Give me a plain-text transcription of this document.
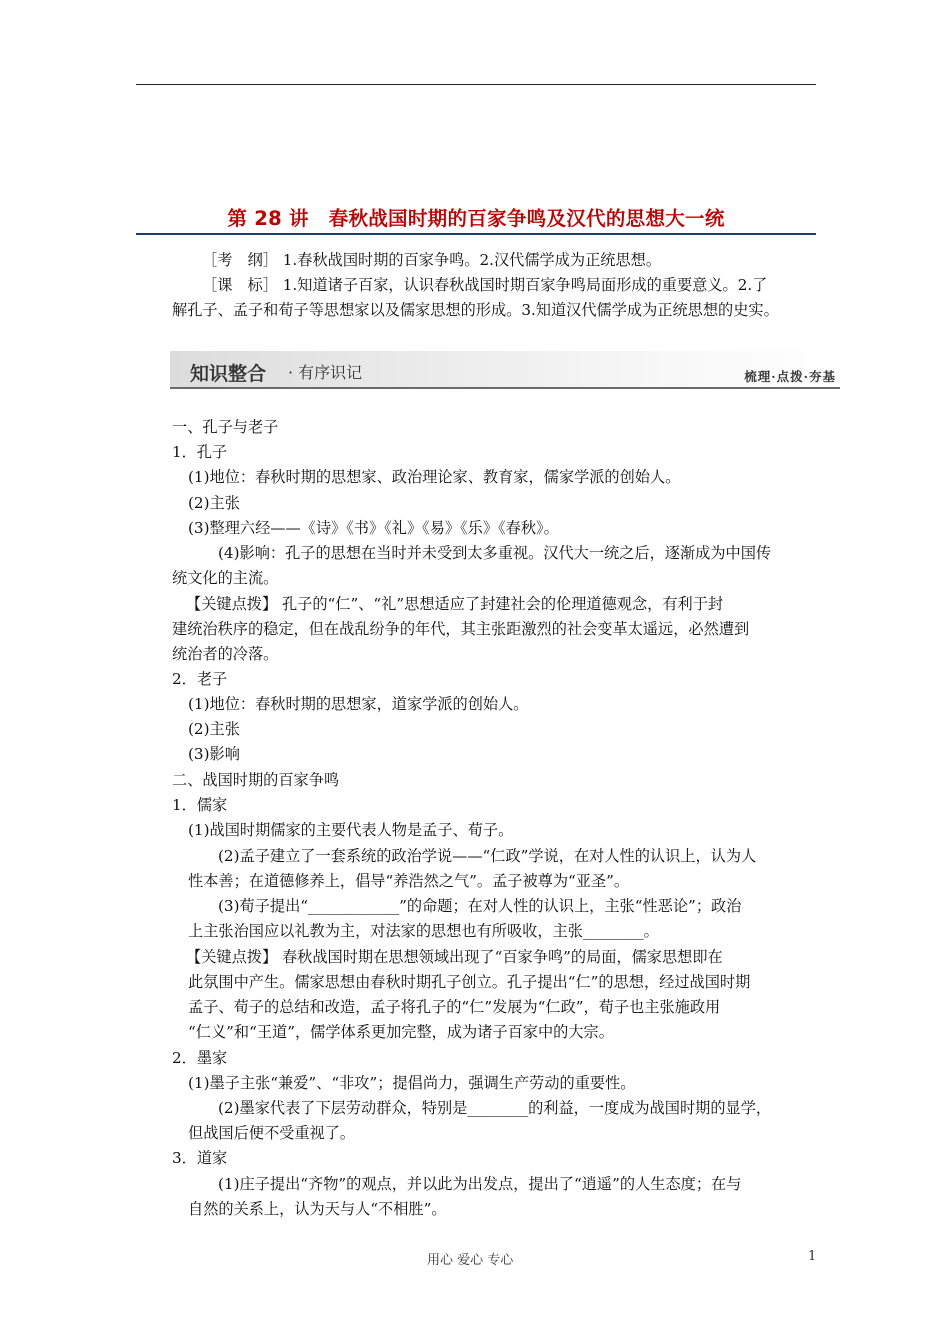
第 28 讲　春秋战国时期的百家争鸣及汉代的思想大一统
［考　纲］ 1.春秋战国时期的百家争鸣。2.汉代儒学成为正统思想。
［课　标］ 1.知道诸子百家，认识春秋战国时期百家争鸣局面形成的重要意义。2.了
解孔子、孟子和荀子等思想家以及儒家思想的形成。3.知道汉代儒学成为正统思想的史实。
知识整合 · 有序识记	梳理·点拨·夯基
一、孔子与老子
1．孔子
(1)地位：春秋时期的思想家、政治理论家、教育家，儒家学派的创始人。
(2)主张
(3)整理六经——《诗》《书》《礼》《易》《乐》《春秋》。
(4)影响：孔子的思想在当时并未受到太多重视。汉代大一统之后，逐渐成为中国传
统文化的主流。
【关键点拨】 孔子的“仁”、“礼”思想适应了封建社会的伦理道德观念，有利于封
建统治秩序的稳定，但在战乱纷争的年代，其主张距激烈的社会变革太遥远，必然遭到
统治者的冷落。
2．老子
(1)地位：春秋时期的思想家，道家学派的创始人。
(2)主张
(3)影响
二、战国时期的百家争鸣
1．儒家
(1)战国时期儒家的主要代表人物是孟子、荀子。
(2)孟子建立了一套系统的政治学说——“仁政”学说，在对人性的认识上，认为人
性本善；在道德修养上，倡导“养浩然之气”。孟子被尊为“亚圣”。
(3)荀子提出“____________”的命题；在对人性的认识上，主张“性恶论”；政治
上主张治国应以礼教为主，对法家的思想也有所吸收，主张________。
【关键点拨】 春秋战国时期在思想领域出现了“百家争鸣”的局面，儒家思想即在
此氛围中产生。儒家思想由春秋时期孔子创立。孔子提出“仁”的思想，经过战国时期
孟子、荀子的总结和改造，孟子将孔子的“仁”发展为“仁政”，荀子也主张施政用
“仁义”和“王道”，儒学体系更加完整，成为诸子百家中的大宗。
2．墨家
(1)墨子主张“兼爱”、“非攻”；提倡尚力，强调生产劳动的重要性。
(2)墨家代表了下层劳动群众，特别是________的利益，一度成为战国时期的显学，
但战国后便不受重视了。
3．道家
(1)庄子提出“齐物”的观点，并以此为出发点，提出了“逍遥”的人生态度；在与
自然的关系上，认为天与人“不相胜”。
用心 爱心 专心	1
